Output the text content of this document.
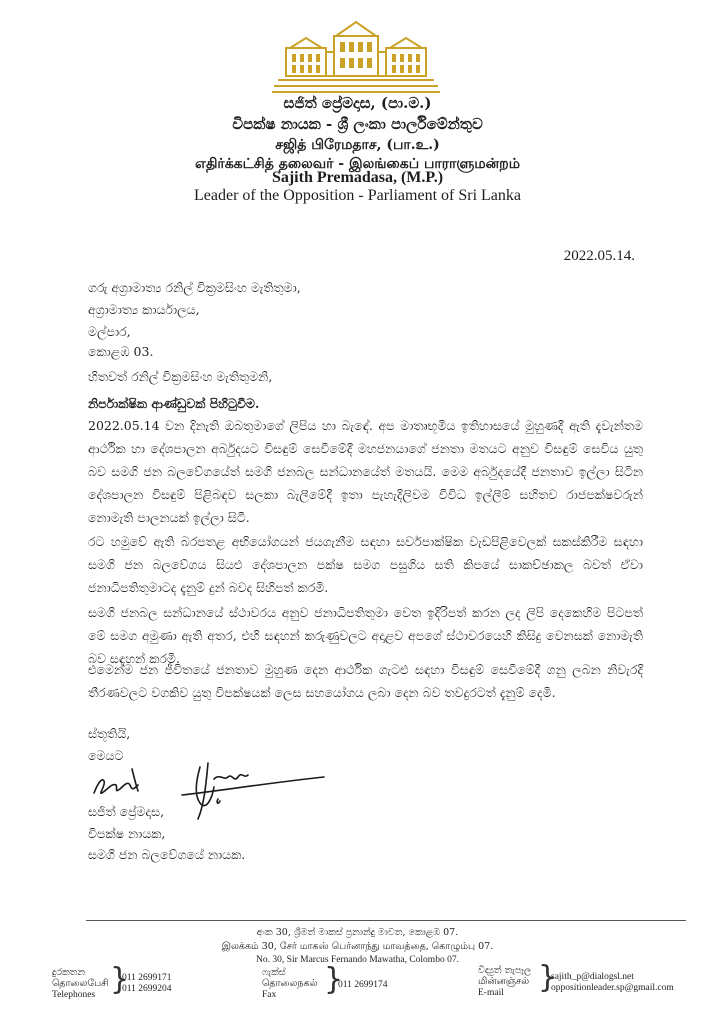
සජිත් ප්‍රේමදාස, (පා.ම.)
විපක්ෂ නායක - ශ්‍රී ලංකා පාර්ලිමේන්තුව
சஜித் பிரேமதாச, (பா.உ.)
எதிர்க்கட்சித் தலைவர் - இலங்கைப் பாராளுமன்றம்
Sajith Premadasa, (M.P.)
Leader of the Opposition - Parliament of Sri Lanka
2022.05.14.
ගරු අග්‍රාමාත්‍ය රනිල් වික්‍රමසිංහ මැතිතුමා,
අග්‍රාමාත්‍ය කාර්යාලය,
මල්පාර,
කොළඹ 03.
හිතවත් රනිල් වික්‍රමසිංහ මැතිතුමනි,
නිර්පාක්ෂික ආණ්ඩුවක් පිහිටුවීම.
2022.05.14 වන දිනැති ඔබතුමාගේ ලිපිය හා බැඳේ. අප මාතෘභූමිය ඉතිහාසයේ මුහුණදී ඇති දැවැන්තම ආර්ථික හා දේශපාලන අර්බුදයට විසඳුම් සෙවීමේදී මහජනයාගේ ජනතා මතයට අනුව විසඳුම් සෙවිය යුතු බව සමගි ජන බලවේගයේත් සමගි ජනබල සන්ධානයේත් මතයයි. මෙම අර්බුදයේදී ජනතාව ඉල්ලා සිටින දේශපාලන විසඳුම් පිළිබඳව සලකා බැලීමේදී ඉතා පැහැදිලිවම විවිධ ඉල්ලීම් සහිතව රාජපක්ෂවරුන් නොමැති පාලනයක් ඉල්ලා සිටී.
රට හමුවේ ඇති බරපතළ අභියෝගයන් ජයගැනීම සඳහා සර්වපාක්ෂික වැඩපිළිවෙලක් සකස්කිරීම සඳහා සමගි ජන බලවේගය සියළු දේශපාලන පක්ෂ සමග පසුගිය සති කිපයේ සාකච්ඡාකල බවත් ඒවා ජනාධිපතිතුමාටද දැනුම් දුන් බවද සිහිපත් කරමි.
සමගි ජනබල සන්ධානයේ ස්ථාවරය අනුව ජනාධිපතිතුමා වෙත ඉදිරිපත් කරන ලද ලිපි දෙකෙහිම පිටපත් මේ සමග අමුණා ඇති අතර, එහි සඳහන් කරුණුවලට අදාළව අපගේ ස්ථාවරයෙහි කිසිදු වෙනසක් නොමැති බව සඳහන් කරමි.
එමෙන්ම ජන ජීවිතයේ ජනතාව මුහුණ දෙන ආර්ථික ගැටළු සඳහා විසඳුම් සෙවීමේදී ගනු ලබන නිවැරදි තීරණවලට වගකිව යුතු විපක්ෂයක් ලෙස සහයෝගය ලබා දෙන බව තවදුරටත් දැනුම් දෙමි.
ස්තූතියි,
මෙයට
සජිත් ප්‍රේමදාස,
විපක්ෂ නායක,
සමගි ජන බලවේගයේ නායක.
අංක 30, ශ්‍රීමත් මාකස් ප්‍රනාන්දු මාවත, කොළඹ 07.
இலக்கம் 30, சேர் மாகஸ் பெர்னாந்து மாவத்தை, கொழும்பு 07.
No. 30, Sir Marcus Fernando Mawatha, Colombo 07.
දුරකතන
தொலைபேசி
Telephones }
011 2699171
011 2699204
ෆැක්ස්
தொலைநகல்
Fax	}
011 2699174
විද්‍යුත් තැපෑල
மின்னஞ்சல்
E-mail	}
sajith_p@dialogsl.net
oppositionleader.sp@gmail.com
